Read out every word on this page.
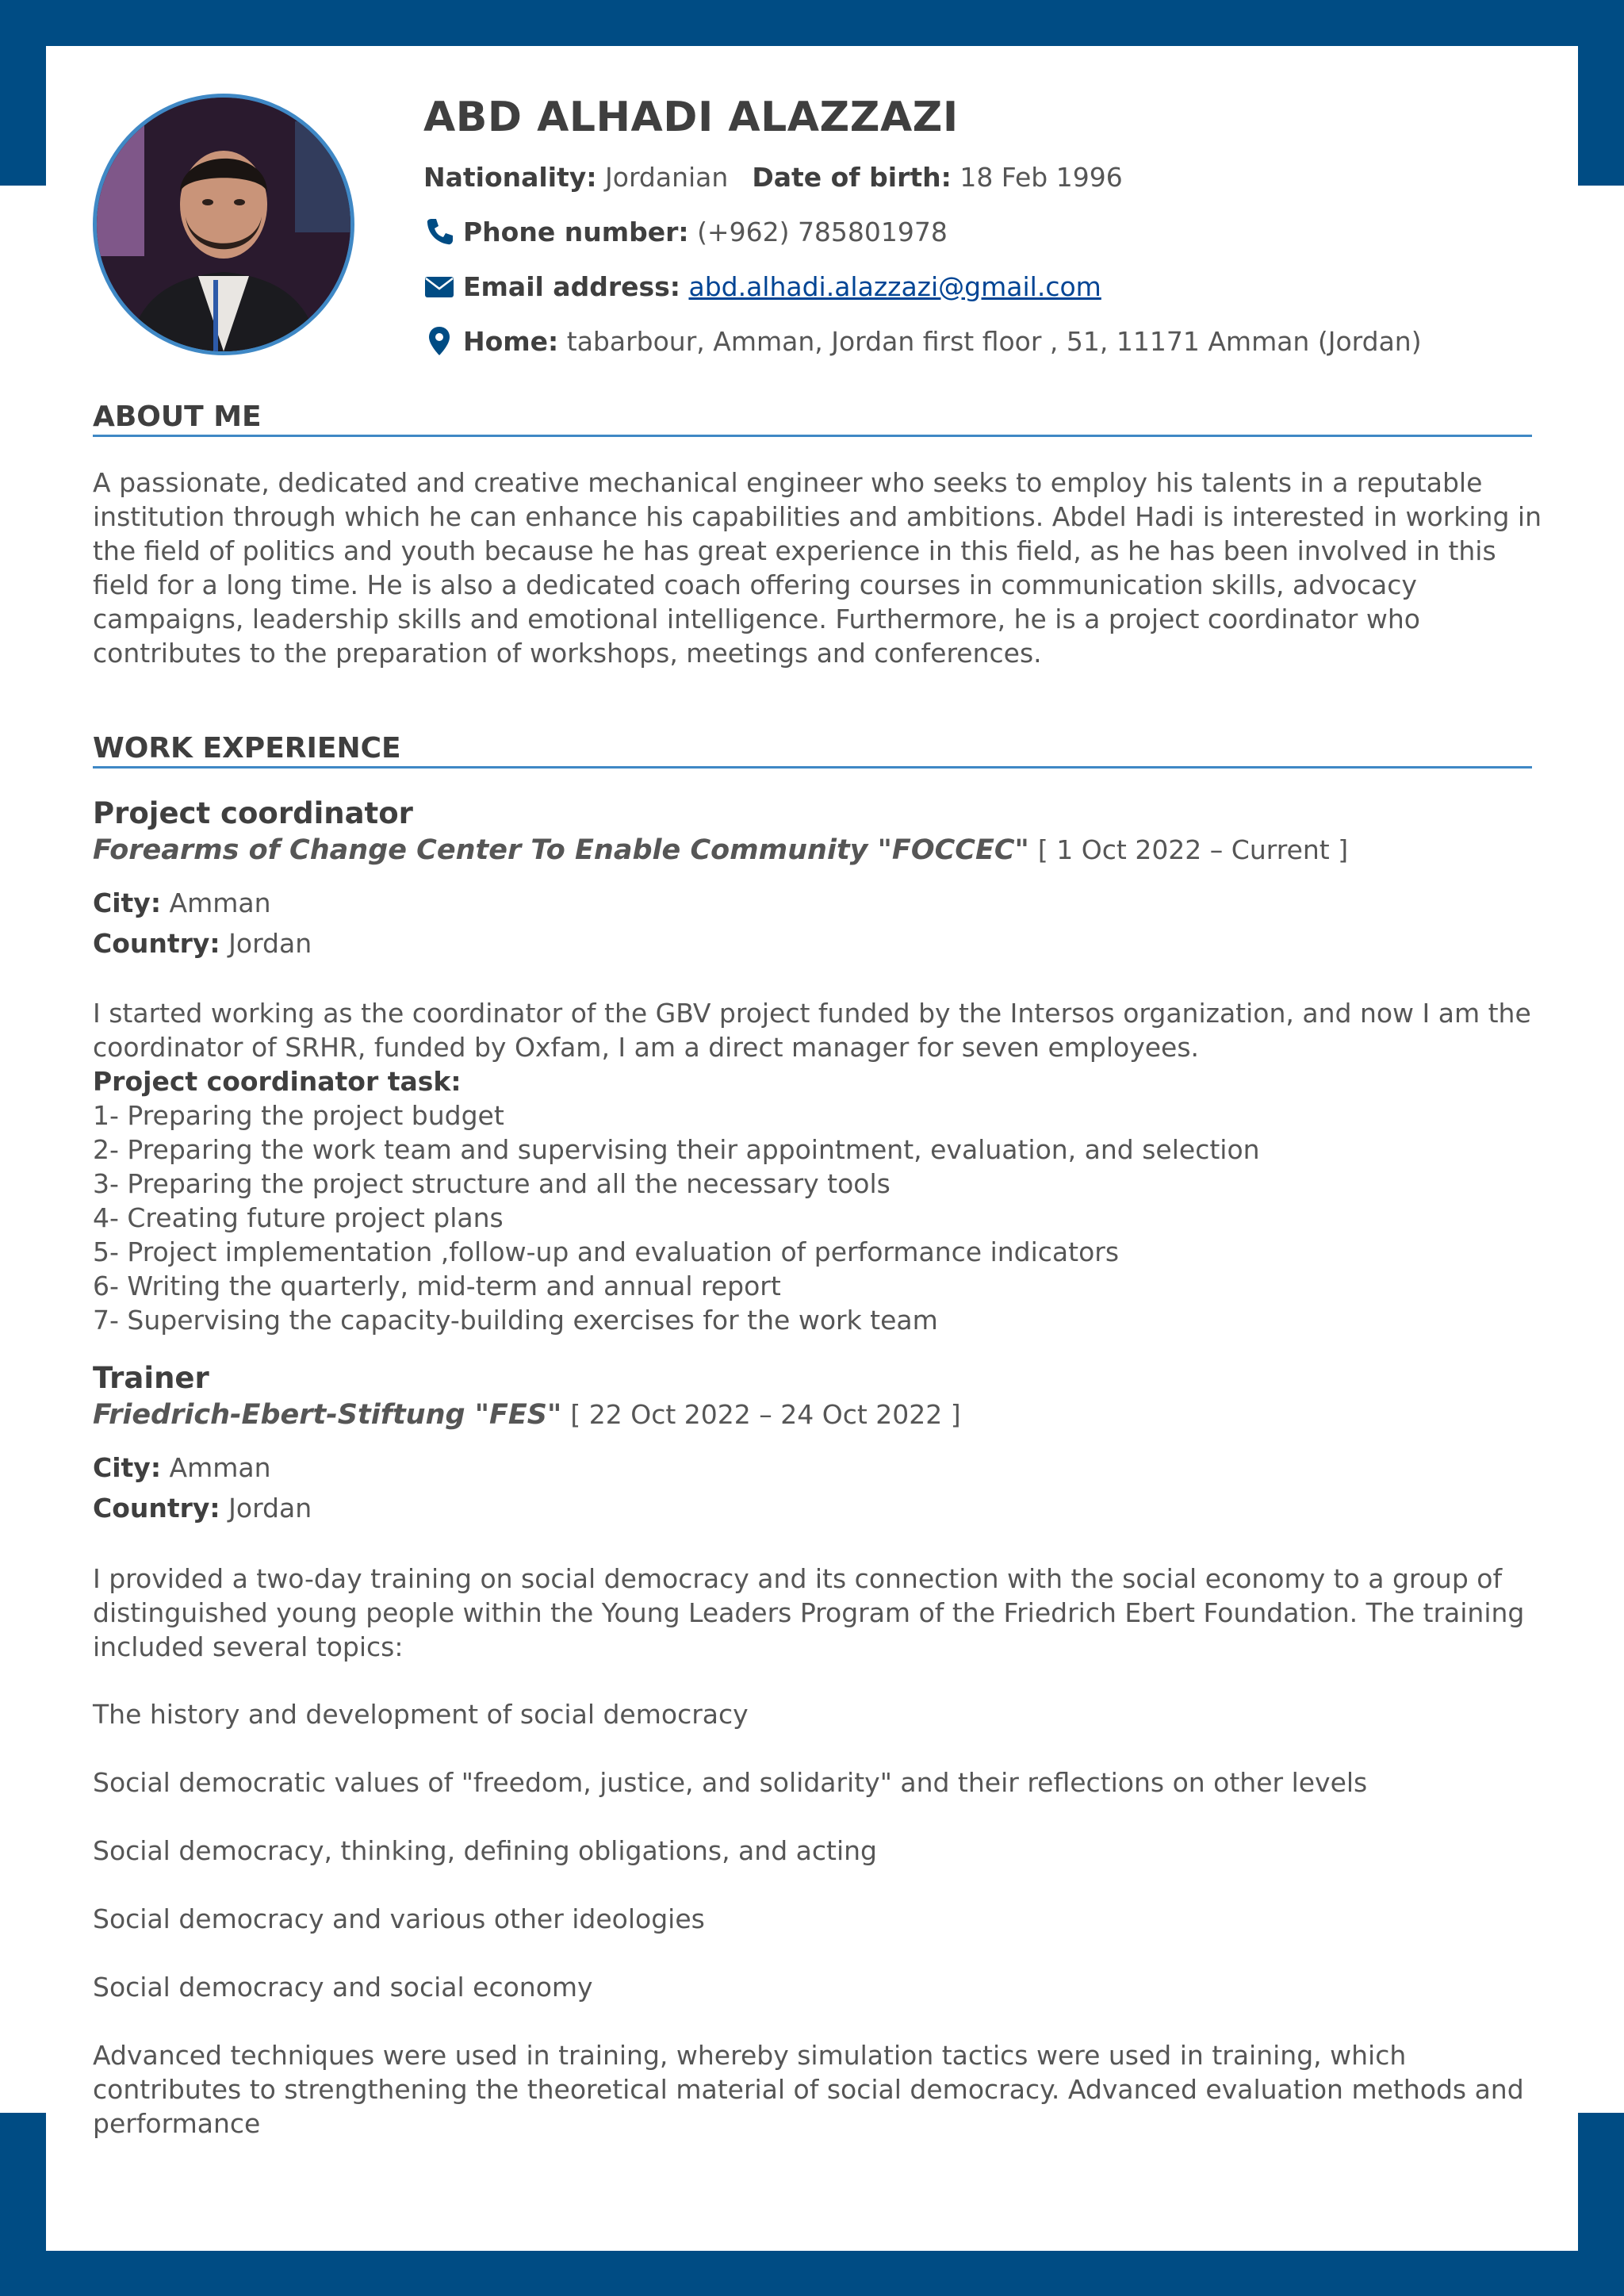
ABD ALHADI ALAZZAZI
Nationality:
Jordanian Date of birth:
18 Feb 1996
Phone number:
(+962) 785801978
Email address:
abd.alhadi.alazzazi@gmail.com
Home:
tabarbour, Amman, Jordan first floor , 51, 11171 Amman (Jordan)
ABOUT ME

A passionate, dedicated and creative mechanical engineer who seeks to employ his talents in a reputable institution through which he can enhance his capabilities and ambitions. Abdel Hadi is interested in working in the field of politics and youth because he has great experience in this field, as he has been involved in this field for a long time. He is also a dedicated coach offering courses in communication skills, advocacy campaigns, leadership skills and emotional intelligence. Furthermore, he is a project coordinator who contributes to the preparation of workshops, meetings and conferences.

WORK EXPERIENCE
Project coordinator
Forearms of Change Center To Enable Community "FOCCEC" [ 1 Oct 2022 – Current ]
City: Amman
Country: Jordan

I started working as the coordinator of the GBV project funded by the Intersos organization, and now I am the coordinator of SRHR, funded by Oxfam, I am a direct manager for seven employees.

Project coordinator task:
1- Preparing the project budget
2- Preparing the work team and supervising their appointment, evaluation, and selection
3- Preparing the project structure and all the necessary tools
4- Creating future project plans
5- Project implementation ,follow-up and evaluation of performance indicators
6- Writing the quarterly, mid-term and annual report
7- Supervising the capacity-building exercises for the work team
Trainer
Friedrich-Ebert-Stiftung "FES" [ 22 Oct 2022 – 24 Oct 2022 ]
City: Amman
Country: Jordan

I provided a two-day training on social democracy and its connection with the social economy to a group of distinguished young people within the Young Leaders Program of the Friedrich Ebert Foundation. The training included several topics:

The history and development of social democracy

Social democratic values of "freedom, justice, and solidarity" and their reflections on other levels

Social democracy, thinking, defining obligations, and acting

Social democracy and various other ideologies

Social democracy and social economy

Advanced techniques were used in training, whereby simulation tactics were used in training, which contributes to strengthening the theoretical material of social democracy. Advanced evaluation methods and performance
